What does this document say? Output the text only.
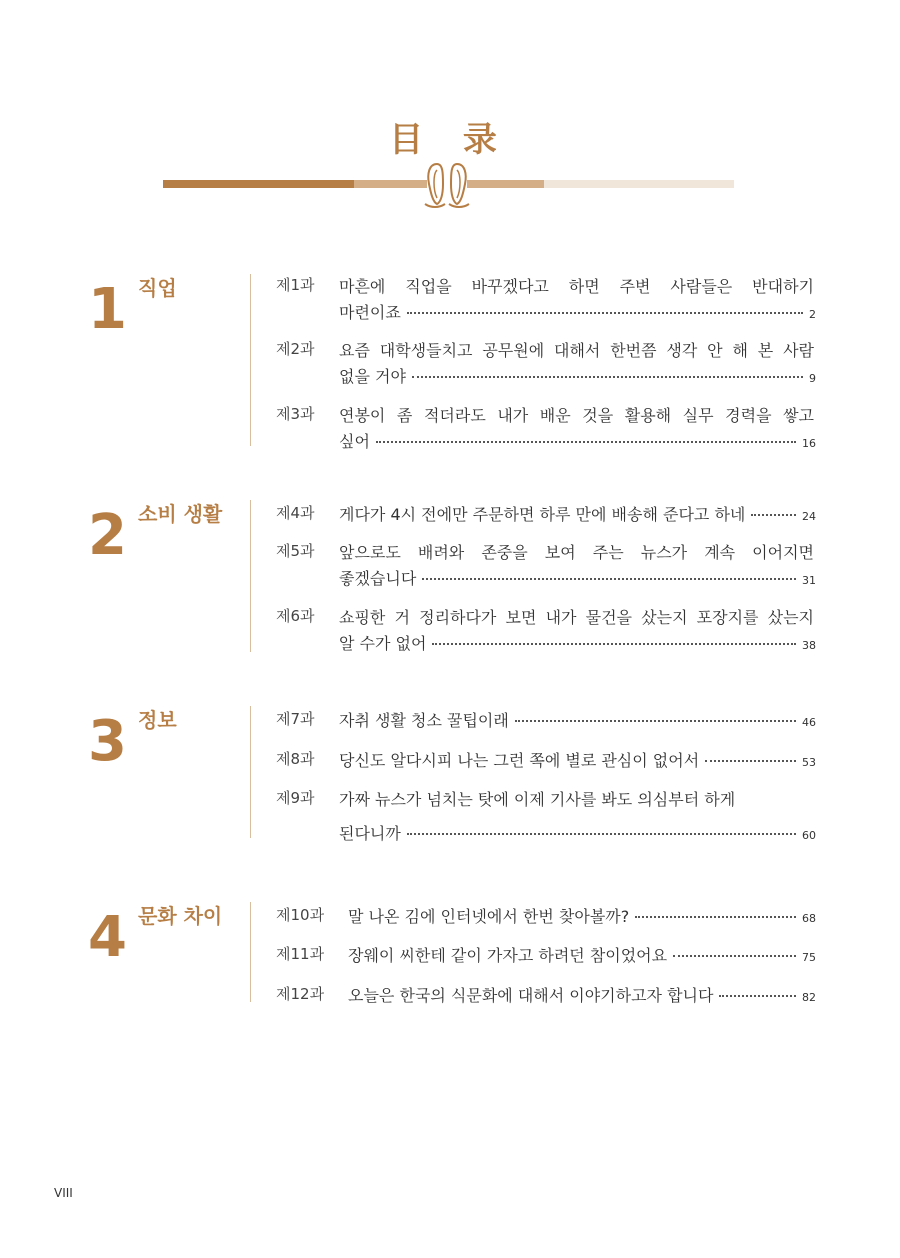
目 录
1 직업	제1과 마흔에 직업을 바꾸겠다고 하면 주변 사람들은 반대하기
마련이죠	2
제2과 요즘 대학생들치고 공무원에 대해서 한번쯤 생각 안 해 본 사람
없을 거야	9
제3과 연봉이 좀 적더라도 내가 배운 것을 활용해 실무 경력을 쌓고
싶어	16
2 소비 생활	제4과 게다가 4시 전에만 주문하면 하루 만에 배송해 준다고 하네	24
제5과 앞으로도 배려와 존중을 보여 주는 뉴스가 계속 이어지면
좋겠습니다	31
제6과 쇼핑한 거 정리하다가 보면 내가 물건을 샀는지 포장지를 샀는지
알 수가 없어	38
3 정보	제7과 자취 생활 청소 꿀팁이래	46
제8과 당신도 알다시피 나는 그런 쪽에 별로 관심이 없어서	53
제9과 가짜 뉴스가 넘치는 탓에 이제 기사를 봐도 의심부터 하게
된다니까	60
4 문화 차이	제10과 말 나온 김에 인터넷에서 한번 찾아볼까?	68
제11과 장웨이 씨한테 같이 가자고 하려던 참이었어요	75
제12과 오늘은 한국의 식문화에 대해서 이야기하고자 합니다	82
VIII
